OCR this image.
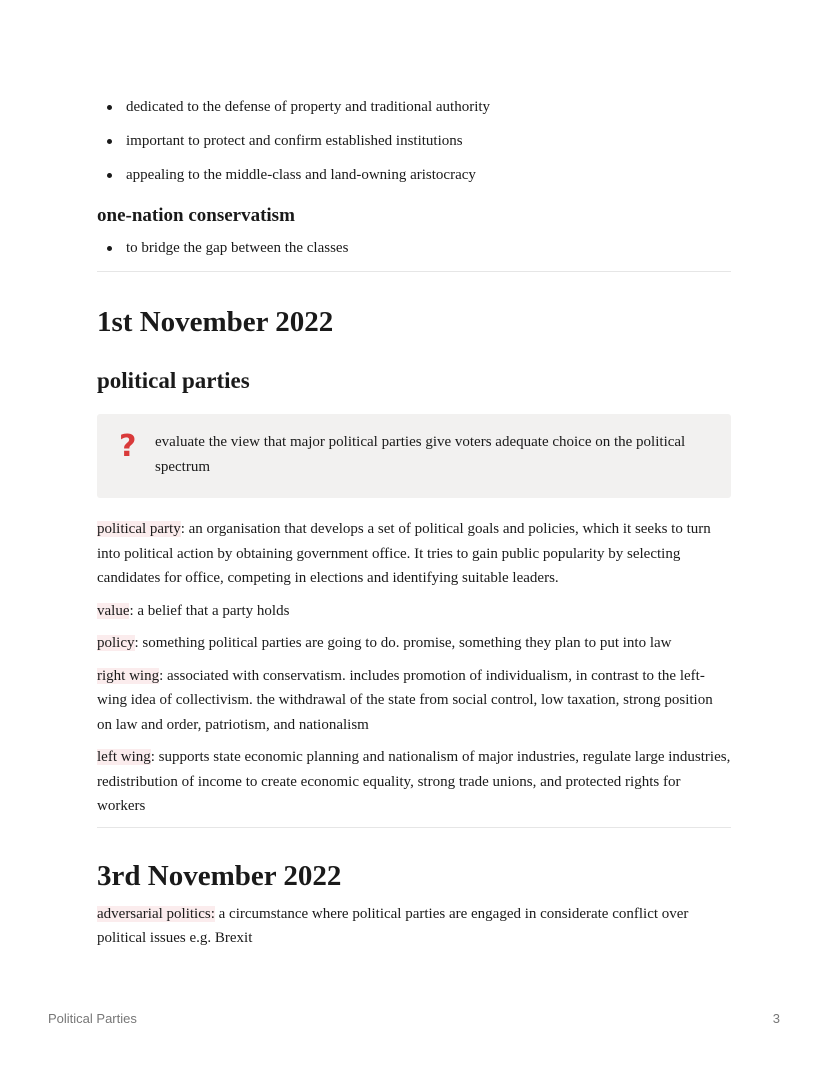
dedicated to the defense of property and traditional authority
important to protect and confirm established institutions
appealing to the middle-class and land-owning aristocracy
one-nation conservatism
to bridge the gap between the classes
1st November 2022
political parties
?	evaluate the view that major political parties give voters adequate choice on the political spectrum

political party: an organisation that develops a set of political goals and policies, which it seeks to turn into political action by obtaining government office. It tries to gain public popularity by selecting candidates for office, competing in elections and identifying suitable leaders.

value: a belief that a party holds

policy: something political parties are going to do. promise, something they plan to put into law

right wing: associated with conservatism. includes promotion of individualism, in contrast to the left-wing idea of collectivism. the withdrawal of the state from social control, low taxation, strong position on law and order, patriotism, and nationalism

left wing: supports state economic planning and nationalism of major industries, regulate large industries, redistribution of income to create economic equality, strong trade unions, and protected rights for workers

3rd November 2022

adversarial politics: a circumstance where political parties are engaged in considerate conflict over political issues e.g. Brexit

Political Parties	3
